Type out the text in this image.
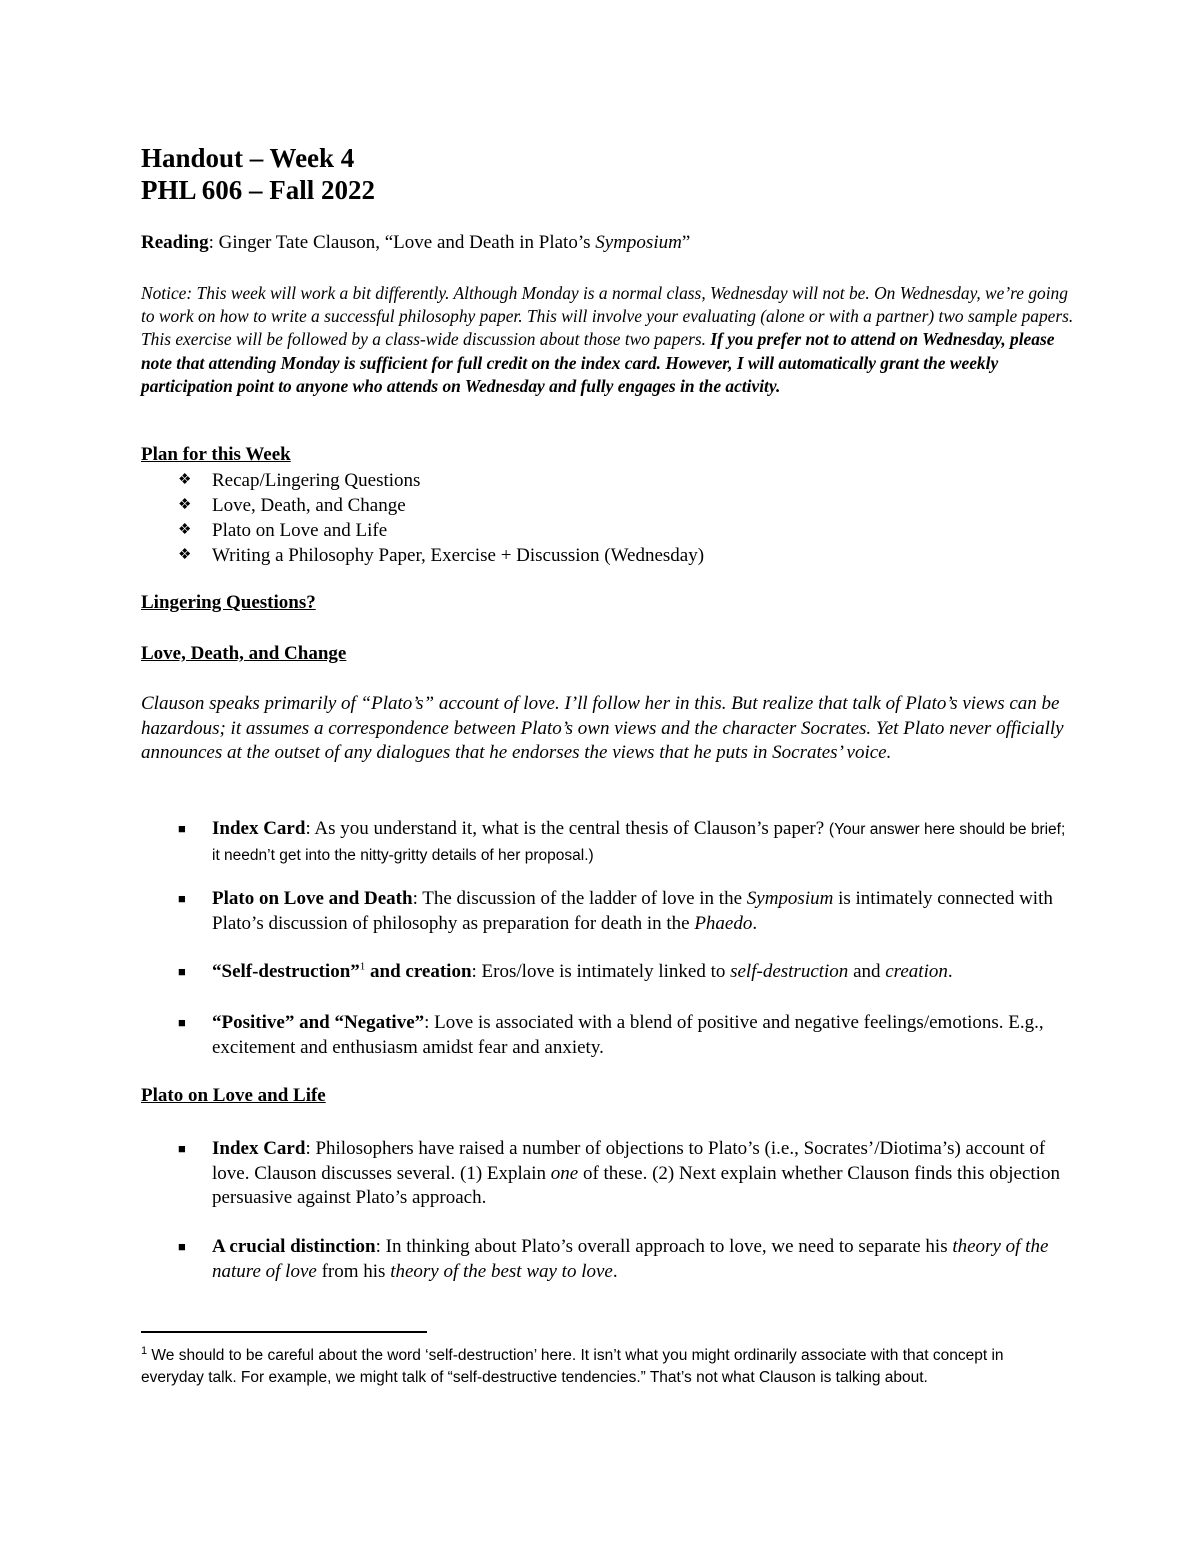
Handout – Week 4
PHL 606 – Fall 2022
Reading: Ginger Tate Clauson, “Love and Death in Plato’s Symposium”
Notice: This week will work a bit differently. Although Monday is a normal class, Wednesday will not be. On Wednesday, we’re going to work on how to write a successful philosophy paper. This will involve your evaluating (alone or with a partner) two sample papers. This exercise will be followed by a class-wide discussion about those two papers. If you prefer not to attend on Wednesday, please note that attending Monday is sufficient for full credit on the index card. However, I will automatically grant the weekly participation point to anyone who attends on Wednesday and fully engages in the activity.
Plan for this Week
❖ Recap/Lingering Questions
❖ Love, Death, and Change
❖ Plato on Love and Life
❖ Writing a Philosophy Paper, Exercise + Discussion (Wednesday)
Lingering Questions?
Love, Death, and Change
Clauson speaks primarily of “Plato’s” account of love. I’ll follow her in this. But realize that talk of Plato’s views can be hazardous; it assumes a correspondence between Plato’s own views and the character Socrates. Yet Plato never officially announces at the outset of any dialogues that he endorses the views that he puts in Socrates’ voice.
■ Index Card: As you understand it, what is the central thesis of Clauson’s paper? (Your answer here should be brief; it needn’t get into the nitty-gritty details of her proposal.)
■ Plato on Love and Death: The discussion of the ladder of love in the Symposium is intimately connected with Plato’s discussion of philosophy as preparation for death in the Phaedo.
■ “Self-destruction”$^1$ and creation: Eros/love is intimately linked to self-destruction and creation.
■ “Positive” and “Negative”: Love is associated with a blend of positive and negative feelings/emotions. E.g., excitement and enthusiasm amidst fear and anxiety.
Plato on Love and Life
■ Index Card: Philosophers have raised a number of objections to Plato’s (i.e., Socrates’/Diotima’s) account of love. Clauson discusses several. (1) Explain one of these. (2) Next explain whether Clauson finds this objection persuasive against Plato’s approach.
■ A crucial distinction: In thinking about Plato’s overall approach to love, we need to separate his theory of the nature of love from his theory of the best way to love.
$^1$ We should to be careful about the word ‘self-destruction’ here. It isn’t what you might ordinarily associate with that concept in everyday talk. For example, we might talk of “self-destructive tendencies.” That’s not what Clauson is talking about.
